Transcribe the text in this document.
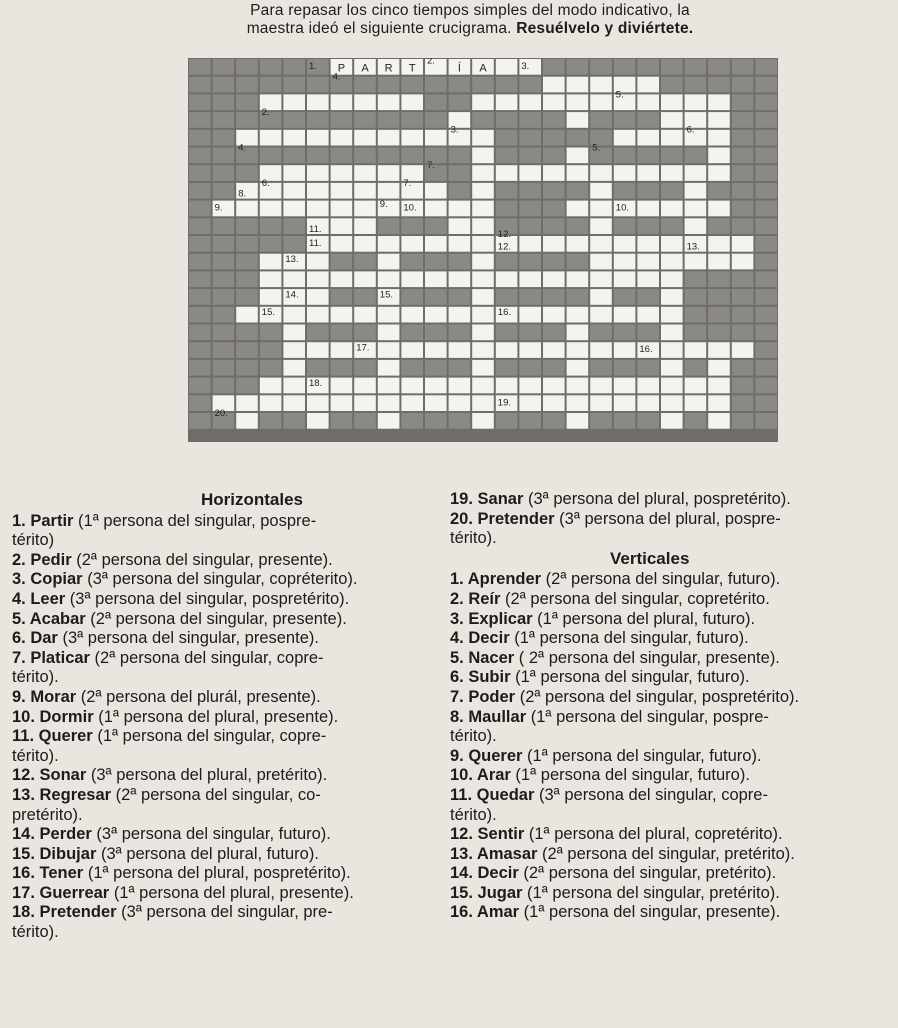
Para repasar los cinco tiempos simples del modo indicativo, la
maestra ideó el siguiente crucigrama. Resuélvelo y diviértete.
P A R T	Í A
1.	2.	3.
4.
5.
2.
3.	6.
4.	5.
7.
6.	7.
8.
9.	9. 10.	10.
11.
11.
12.
12.
13.
13.
14.
15.
15.
16.
17.	16.
18.
19.
20.
Horizontales
1. Partir (1ª persona del singular, pospre-
térito)
2. Pedir (2ª persona del singular, presente).
3. Copiar (3ª persona del singular, copréterito).
4. Leer (3ª persona del singular, pospretérito).
5. Acabar (2ª persona del singular, presente).
6. Dar (3ª persona del singular, presente).
7. Platicar (2ª persona del singular, copre-
térito).
9. Morar (2ª persona del plurál, presente).
10. Dormir (1ª persona del plural, presente).
11. Querer (1ª persona del singular, copre-
térito).
12. Sonar (3ª persona del plural, pretérito).
13. Regresar (2ª persona del singular, co-
pretérito).
14. Perder (3ª persona del singular, futuro).
15. Dibujar (3ª persona del plural, futuro).
16. Tener (1ª persona del plural, pospretérito).
17. Guerrear (1ª persona del plural, presente).
18. Pretender (3ª persona del singular, pre-
térito).
19. Sanar (3ª persona del plural, pospretérito).
20. Pretender (3ª persona del plural, pospre-
térito).
Verticales
1. Aprender (2ª persona del singular, futuro).
2. Reír (2ª persona del singular, copretérito.
3. Explicar (1ª persona del plural, futuro).
4. Decir (1ª persona del singular, futuro).
5. Nacer ( 2ª persona del singular, presente).
6. Subir (1ª persona del singular, futuro).
7. Poder (2ª persona del singular, pospretérito).
8. Maullar (1ª persona del singular, pospre-
térito).
9. Querer (1ª persona del singular, futuro).
10. Arar (1ª persona del singular, futuro).
11. Quedar (3ª persona del singular, copre-
térito).
12. Sentir (1ª persona del plural, copretérito).
13. Amasar (2ª persona del singular, pretérito).
14. Decir (2ª persona del singular, pretérito).
15. Jugar (1ª persona del singular, pretérito).
16. Amar (1ª persona del singular, presente).
